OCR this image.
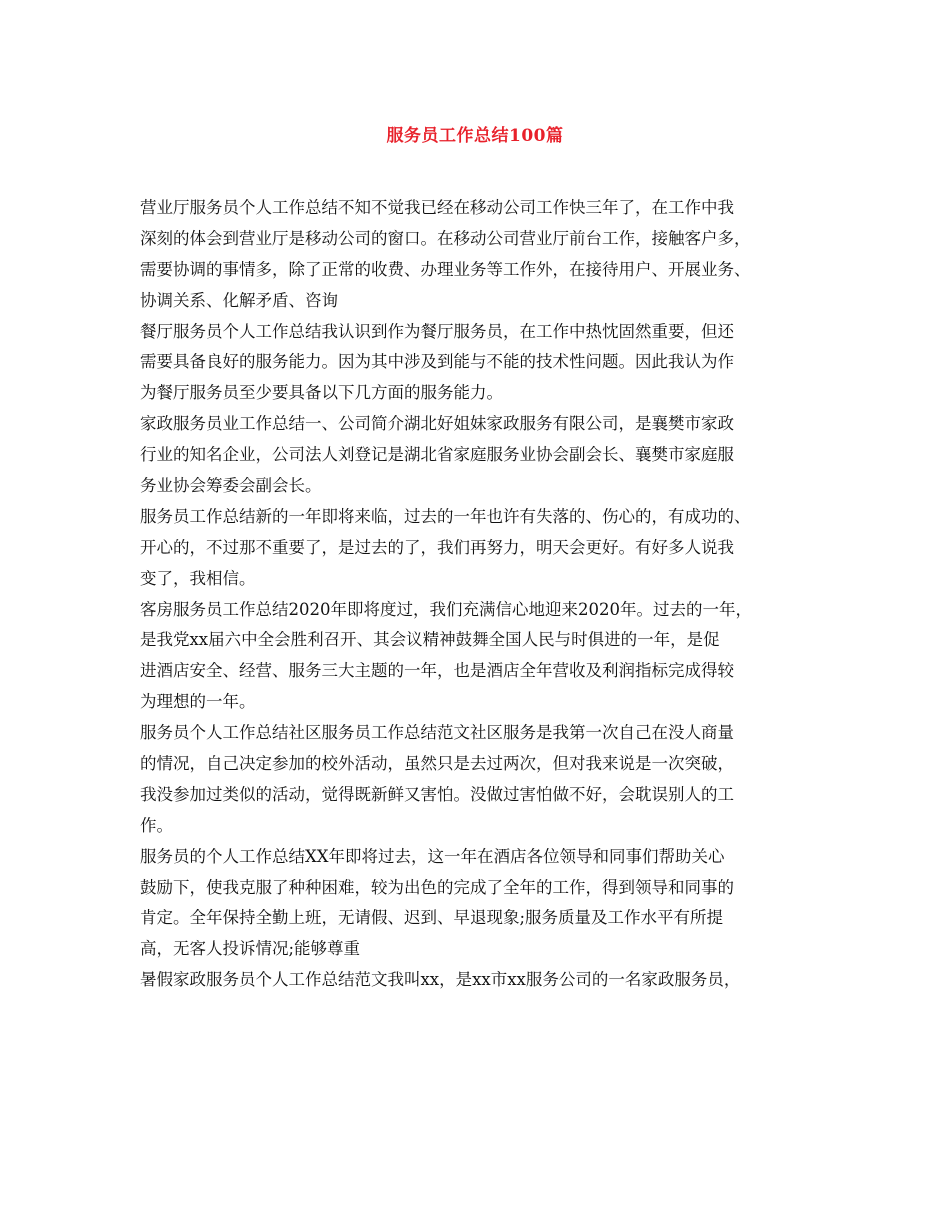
服务员工作总结100篇
营业厅服务员个人工作总结不知不觉我已经在移动公司工作快三年了，在工作中我
深刻的体会到营业厅是移动公司的窗口。在移动公司营业厅前台工作，接触客户多，
需要协调的事情多，除了正常的收费、办理业务等工作外，在接待用户、开展业务、
协调关系、化解矛盾、咨询
餐厅服务员个人工作总结我认识到作为餐厅服务员，在工作中热忱固然重要，但还
需要具备良好的服务能力。因为其中涉及到能与不能的技术性问题。因此我认为作
为餐厅服务员至少要具备以下几方面的服务能力。
家政服务员业工作总结一、公司简介湖北好姐妹家政服务有限公司，是襄樊市家政
行业的知名企业，公司法人刘登记是湖北省家庭服务业协会副会长、襄樊市家庭服
务业协会筹委会副会长。
服务员工作总结新的一年即将来临，过去的一年也许有失落的、伤心的，有成功的、
开心的，不过那不重要了，是过去的了，我们再努力，明天会更好。有好多人说我
变了，我相信。
客房服务员工作总结2020年即将度过，我们充满信心地迎来2020年。过去的一年，
是我党xx届六中全会胜利召开、其会议精神鼓舞全国人民与时俱进的一年，是促
进酒店安全、经营、服务三大主题的一年，也是酒店全年营收及利润指标完成得较
为理想的一年。
服务员个人工作总结社区服务员工作总结范文社区服务是我第一次自己在没人商量
的情况，自己决定参加的校外活动，虽然只是去过两次，但对我来说是一次突破，
我没参加过类似的活动，觉得既新鲜又害怕。没做过害怕做不好，会耽误别人的工
作。
服务员的个人工作总结XX年即将过去，这一年在酒店各位领导和同事们帮助关心
鼓励下，使我克服了种种困难，较为出色的完成了全年的工作，得到领导和同事的
肯定。全年保持全勤上班，无请假、迟到、早退现象;服务质量及工作水平有所提
高，无客人投诉情况;能够尊重
暑假家政服务员个人工作总结范文我叫xx，是xx市xx服务公司的一名家政服务员，
